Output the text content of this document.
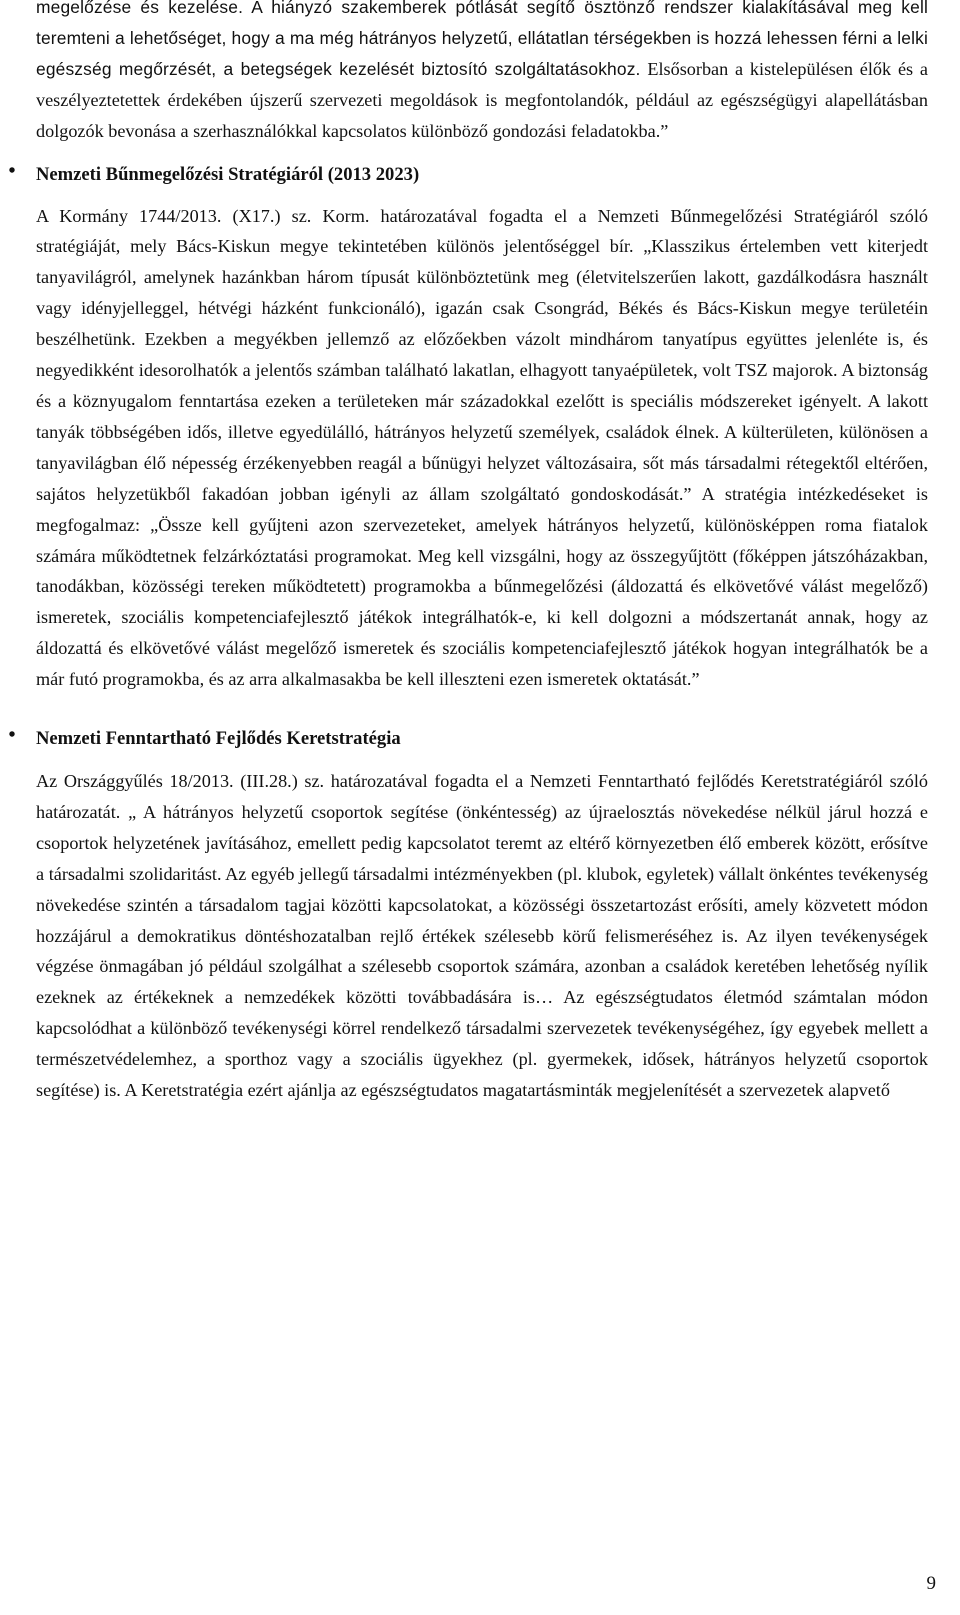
megelőzése és kezelése. A hiányzó szakemberek pótlását segítő ösztönző rendszer kialakításával meg kell teremteni a lehetőséget, hogy a ma még hátrányos helyzetű, ellátatlan térségekben is hozzá lehessen férni a lelki egészség megőrzését, a betegségek kezelését biztosító szolgáltatásokhoz. Elsősorban a kistelepülésen élők és a veszélyeztetettek érdekében újszerű szervezeti megoldások is megfontolandók, például az egészségügyi alapellátásban dolgozók bevonása a szerhasználókkal kapcsolatos különböző gondozási feladatokba.”

•	Nemzeti Bűnmegelőzési Stratégiáról (2013 2023)

A Kormány 1744/2013. (X17.) sz. Korm. határozatával fogadta el a Nemzeti Bűnmegelőzési Stratégiáról szóló stratégiáját, mely Bács-Kiskun megye tekintetében különös jelentőséggel bír. „Klasszikus értelemben vett kiterjedt tanyavilágról, amelynek hazánkban három típusát különböztetünk meg (életvitelszerűen lakott, gazdálkodásra használt vagy idényjelleggel, hétvégi házként funkcionáló), igazán csak Csongrád, Békés és Bács-Kiskun megye területéin beszélhetünk. Ezekben a megyékben jellemző az előzőekben vázolt mindhárom tanyatípus együttes jelenléte is, és negyedikként idesorolhatók a jelentős számban található lakatlan, elhagyott tanyaépületek, volt TSZ majorok. A biztonság és a köznyugalom fenntartása ezeken a területeken már századokkal ezelőtt is speciális módszereket igényelt. A lakott tanyák többségében idős, illetve egyedülálló, hátrányos helyzetű személyek, családok élnek. A külterületen, különösen a tanyavilágban élő népesség érzékenyebben reagál a bűnügyi helyzet változásaira, sőt más társadalmi rétegektől eltérően, sajátos helyzetükből fakadóan jobban igényli az állam szolgáltató gondoskodását.” A stratégia intézkedéseket is megfogalmaz: „Össze kell gyűjteni azon szervezeteket, amelyek hátrányos helyzetű, különösképpen roma fiatalok számára működtetnek felzárkóztatási programokat. Meg kell vizsgálni, hogy az összegyűjtött (főképpen játszóházakban, tanodákban, közösségi tereken működtetett) programokba a bűnmegelőzési (áldozattá és elkövetővé válást megelőző) ismeretek, szociális kompetenciafejlesztő játékok integrálhatók-e, ki kell dolgozni a módszertanát annak, hogy az áldozattá és elkövetővé válást megelőző ismeretek és szociális kompetenciafejlesztő játékok hogyan integrálhatók be a már futó programokba, és az arra alkalmasakba be kell illeszteni ezen ismeretek oktatását.”

•	Nemzeti Fenntartható Fejlődés Keretstratégia

Az Országgyűlés 18/2013. (III.28.) sz. határozatával fogadta el a Nemzeti Fenntartható fejlődés Keretstratégiáról szóló határozatát. „ A hátrányos helyzetű csoportok segítése (önkéntesség) az újraelosztás növekedése nélkül járul hozzá e csoportok helyzetének javításához, emellett pedig kapcsolatot teremt az eltérő környezetben élő emberek között, erősítve a társadalmi szolidaritást. Az egyéb jellegű társadalmi intézményekben (pl. klubok, egyletek) vállalt önkéntes tevékenység növekedése szintén a társadalom tagjai közötti kapcsolatokat, a közösségi összetartozást erősíti, amely közvetett módon hozzájárul a demokratikus döntéshozatalban rejlő értékek szélesebb körű felismeréséhez is. Az ilyen tevékenységek végzése önmagában jó például szolgálhat a szélesebb csoportok számára, azonban a családok keretében lehetőség nyílik ezeknek az értékeknek a nemzedékek közötti továbbadására is… Az egészségtudatos életmód számtalan módon kapcsolódhat a különböző tevékenységi körrel rendelkező társadalmi szervezetek tevékenységéhez, így egyebek mellett a természetvédelemhez, a sporthoz vagy a szociális ügyekhez (pl. gyermekek, idősek, hátrányos helyzetű csoportok segítése) is. A Keretstratégia ezért ajánlja az egészségtudatos magatartásminták megjelenítését a szervezetek alapvető

9
